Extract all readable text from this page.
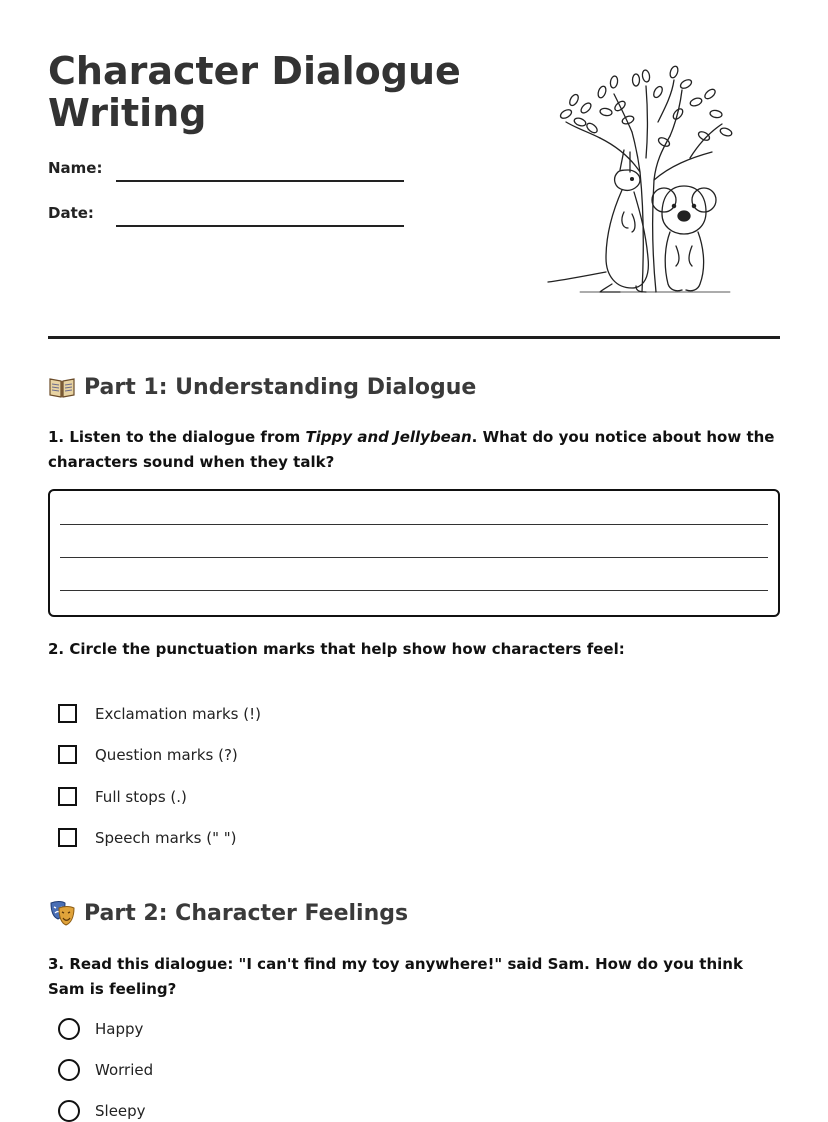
Character Dialogue Writing
Name:
Date:
Part 1: Understanding Dialogue

1. Listen to the dialogue from Tippy and Jellybean. What do you notice about how the characters sound when they talk?

2. Circle the punctuation marks that help show how characters feel:

Exclamation marks (!)
Question marks (?)
Full stops (.)
Speech marks (" ")
Part 2: Character Feelings

3. Read this dialogue: "I can't find my toy anywhere!" said Sam. How do you think Sam is feeling?

Happy
Worried
Sleepy
